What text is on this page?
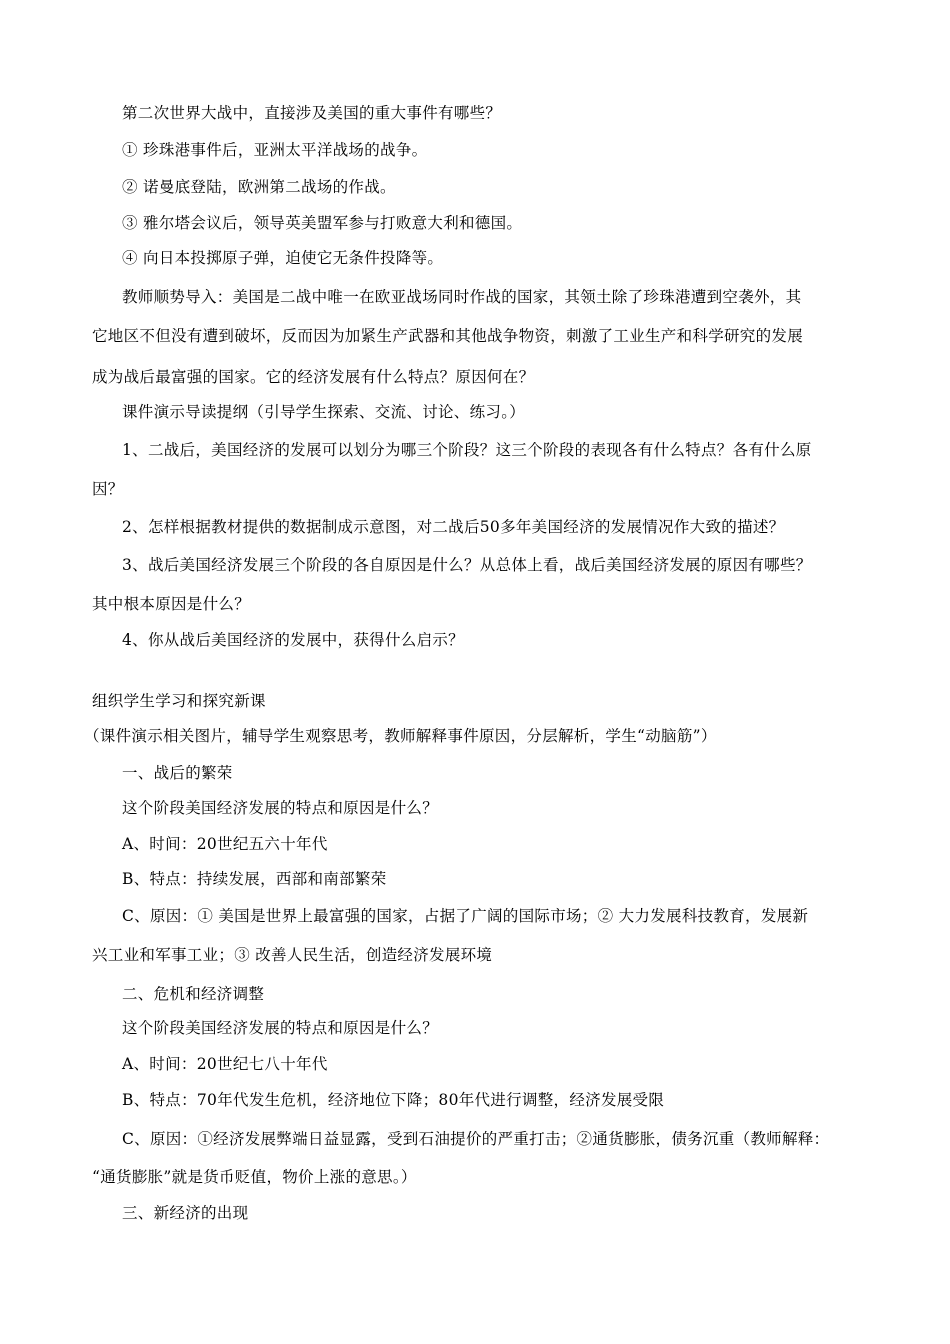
第二次世界大战中，直接涉及美国的重大事件有哪些？
① 珍珠港事件后，亚洲太平洋战场的战争。
② 诺曼底登陆，欧洲第二战场的作战。
③ 雅尔塔会议后，领导英美盟军参与打败意大利和德国。
④ 向日本投掷原子弹，迫使它无条件投降等。
教师顺势导入：美国是二战中唯一在欧亚战场同时作战的国家，其领土除了珍珠港遭到空袭外，其
它地区不但没有遭到破坏，反而因为加紧生产武器和其他战争物资，刺激了工业生产和科学研究的发展
成为战后最富强的国家。它的经济发展有什么特点？原因何在？
课件演示导读提纲（引导学生探索、交流、讨论、练习。）
1、二战后，美国经济的发展可以划分为哪三个阶段？这三个阶段的表现各有什么特点？各有什么原
因？
2、怎样根据教材提供的数据制成示意图，对二战后50多年美国经济的发展情况作大致的描述？
3、战后美国经济发展三个阶段的各自原因是什么？从总体上看，战后美国经济发展的原因有哪些？
其中根本原因是什么？
4、你从战后美国经济的发展中，获得什么启示？
组织学生学习和探究新课
（课件演示相关图片，辅导学生观察思考，教师解释事件原因，分层解析，学生“动脑筋”）
一、战后的繁荣
这个阶段美国经济发展的特点和原因是什么？
A、时间：20世纪五六十年代
B、特点：持续发展，西部和南部繁荣
C、原因：① 美国是世界上最富强的国家，占据了广阔的国际市场；② 大力发展科技教育，发展新
兴工业和军事工业；③ 改善人民生活，创造经济发展环境
二、危机和经济调整
这个阶段美国经济发展的特点和原因是什么？
A、时间：20世纪七八十年代
B、特点：70年代发生危机，经济地位下降；80年代进行调整，经济发展受限
C、原因：①经济发展弊端日益显露，受到石油提价的严重打击；②通货膨胀，债务沉重（教师解释：
“通货膨胀”就是货币贬值，物价上涨的意思。）
三、新经济的出现
